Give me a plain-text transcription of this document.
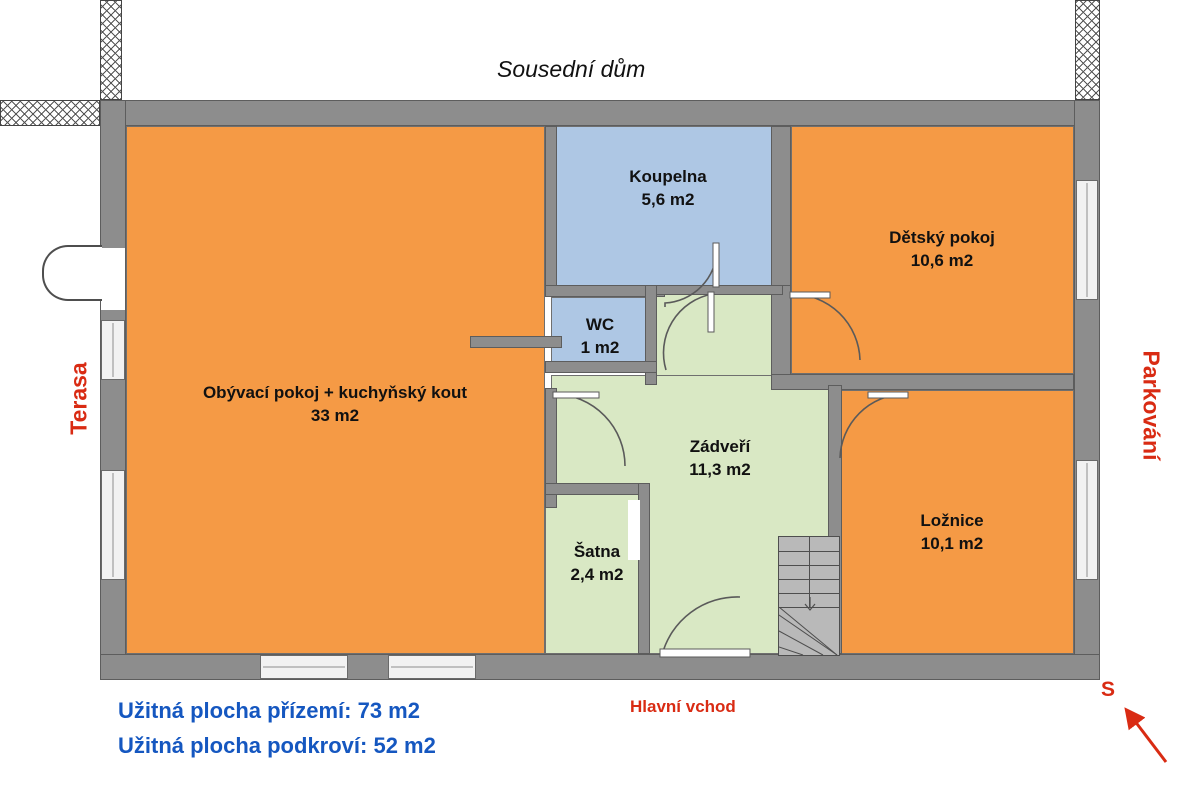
Sousední dům
Obývací pokoj + kuchyňský kout
33 m2
Koupelna
5,6 m2
WC
1 m2
Dětský pokoj
10,6 m2
Zádveří
11,3 m2
Šatna
2,4 m2
Ložnice
10,1 m2
Terasa	Parkování
Hlavní vchod
Užitná plocha přízemí: 73 m2
Užitná plocha podkroví: 52 m2
S
